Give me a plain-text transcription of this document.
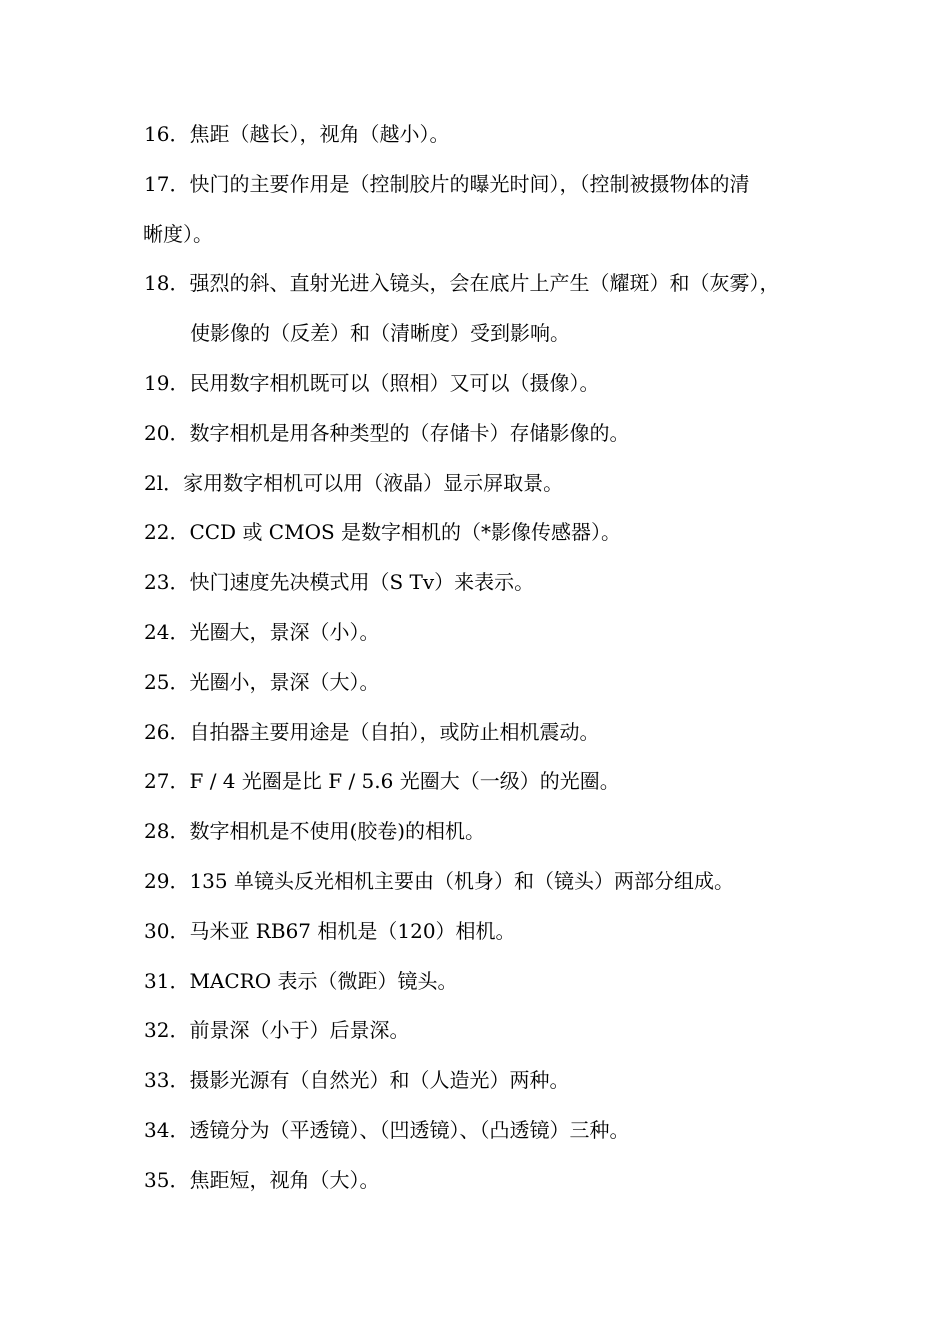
16．焦距（越长），视角（越小）。

17．快门的主要作用是（控制胶片的曝光时间），（控制被摄物体的清

晰度）。

18．强烈的斜、直射光进入镜头，会在底片上产生（耀斑）和（灰雾），

使影像的（反差）和（清晰度）受到影响。

19．民用数字相机既可以（照相）又可以（摄像）。

20．数字相机是用各种类型的（存储卡）存储影像的。

2l．家用数字相机可以用（液晶）显示屏取景。

22．CCD 或 CMOS 是数字相机的（*影像传感器）。

23．快门速度先决模式用（S Tv）来表示。

24．光圈大，景深（小）。

25．光圈小，景深（大）。

26．自拍器主要用途是（自拍），或防止相机震动。

27．F / 4 光圈是比 F / 5.6 光圈大（一级）的光圈。

28．数字相机是不使用(胶卷)的相机。

29．135 单镜头反光相机主要由（机身）和（镜头）两部分组成。

30．马米亚 RB67 相机是（120）相机。

31．MACRO 表示（微距）镜头。

32．前景深（小于）后景深。

33．摄影光源有（自然光）和（人造光）两种。

34．透镜分为（平透镜）、（凹透镜）、（凸透镜）三种。

35．焦距短，视角（大）。
